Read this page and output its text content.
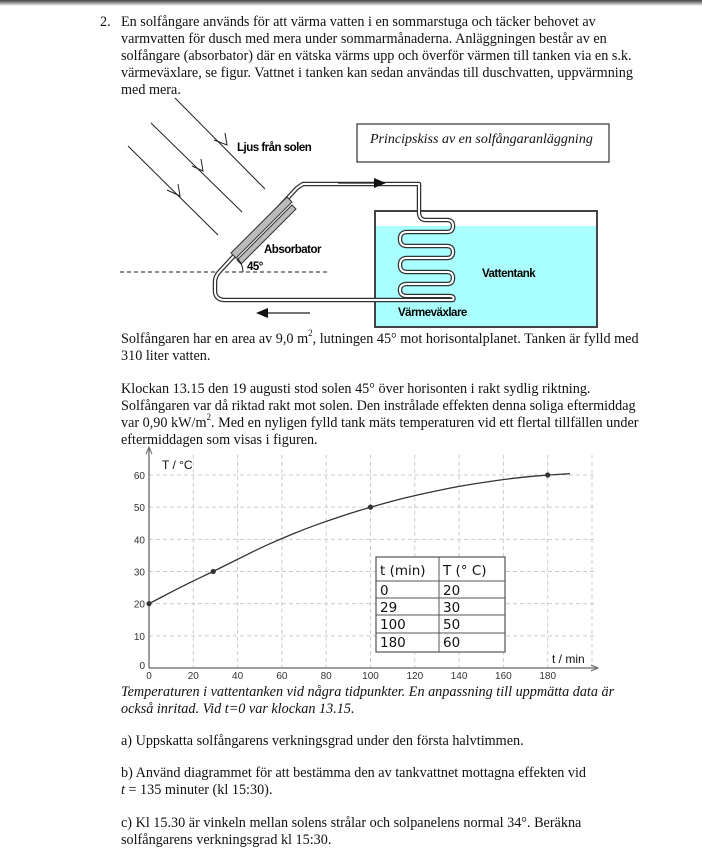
2. En solfångare används för att värma vatten i en sommarstuga och täcker behovet av varmvatten för dusch med mera under sommarmånaderna. Anläggningen består av en solfångare (absorbator) där en vätska värms upp och överför värmen till tanken via en s.k. värmeväxlare, se figur. Vattnet i tanken kan sedan användas till duschvatten, uppvärmning med mera.

Ljus från solen
Principskiss av en solfångaranläggning
Vattentank
Värmeväxlare
Absorbator
45°

Solfångaren har en area av 9,0 $m^2$, lutningen 45° mot horisontalplanet. Tanken är fylld med 310 liter vatten.

Klockan 13.15 den 19 augusti stod solen 45° över horisonten i rakt sydlig riktning. Solfångaren var då riktad rakt mot solen. Den instrålade effekten denna soliga eftermiddag var 0,90 $kW/m^2$. Med en nyligen fylld tank mäts temperaturen vid ett flertal tillfällen under eftermiddagen som visas i figuren.

0	20	40	60	80	100	120	140	160	180
0
10
20
30
40
50
60
T / °C
t / min
t (min) T (° C)
0	20
29	30
100	50
180	60

Temperaturen i vattentanken vid några tidpunkter. En anpassning till uppmätta data är också inritad. Vid t=0 var klockan 13.15.

a) Uppskatta solfångarens verkningsgrad under den första halvtimmen.

b) Använd diagrammet för att bestämma den av tankvattnet mottagna effekten vid
t = 135 minuter (kl 15:30).

c) Kl 15.30 är vinkeln mellan solens strålar och solpanelens normal 34°. Beräkna solfångarens verkningsgrad kl 15:30.
